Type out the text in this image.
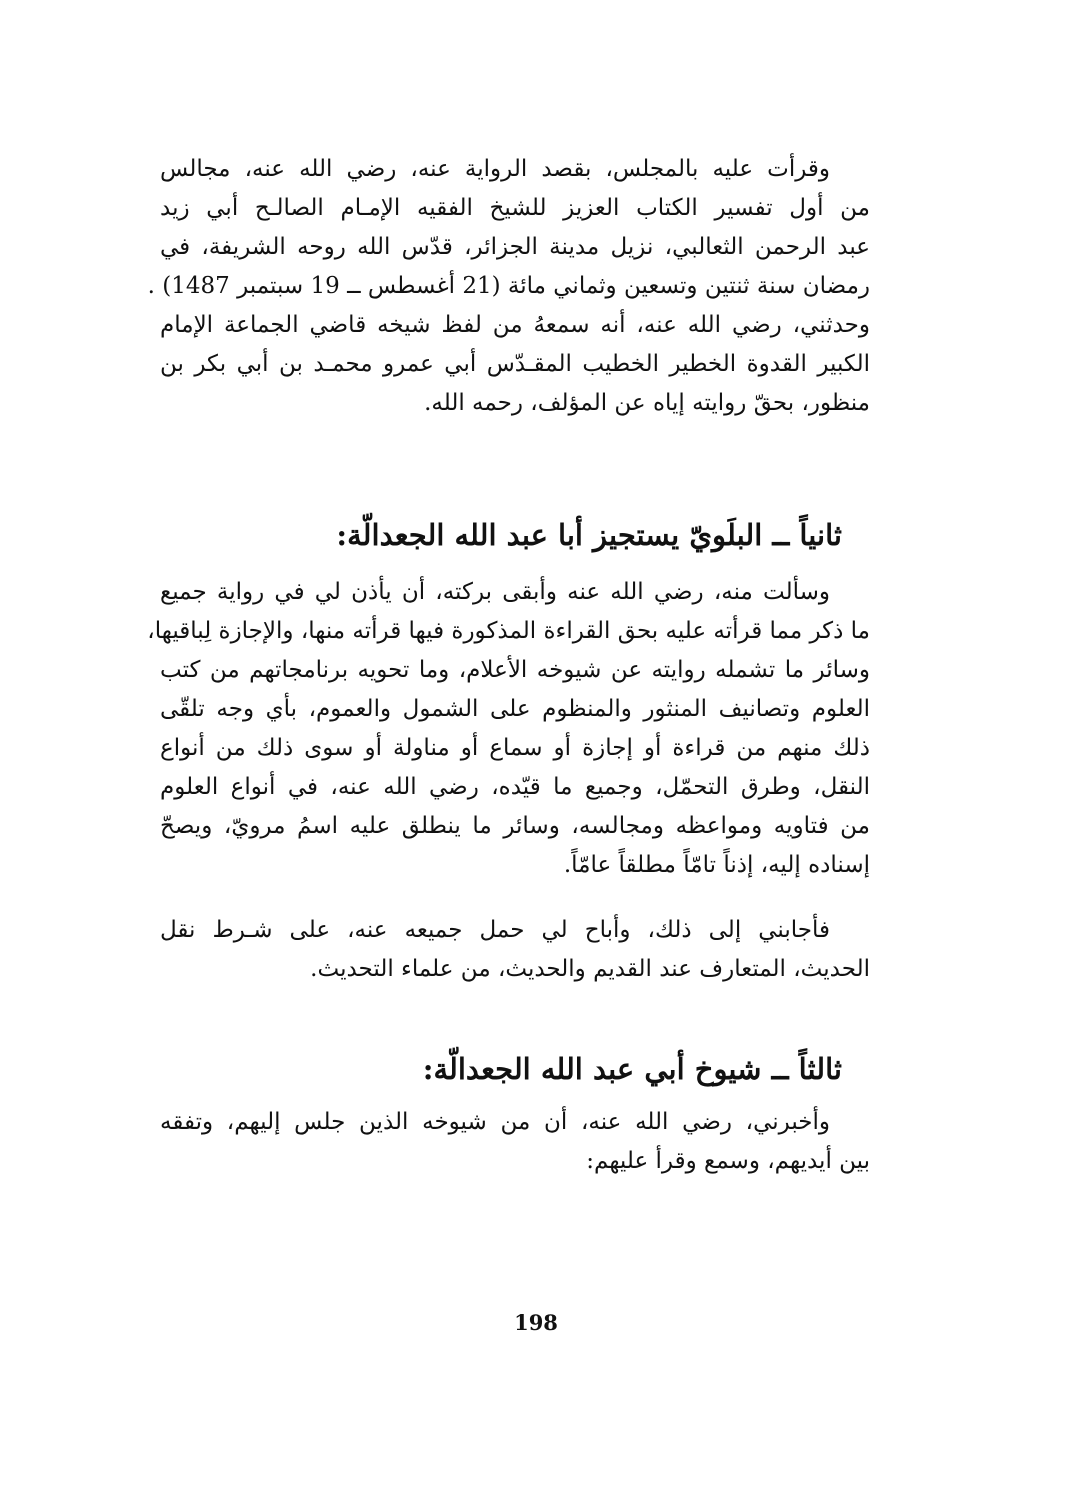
وقرأت عليه بالمجلس، بقصد الرواية عنه، رضي الله عنه، مجالس
من أول تفسير الكتاب العزيز للشيخ الفقيه الإمـام الصالـح أبي زيد
عبد الرحمن الثعالبي، نزيل مدينة الجزائر، قدّس الله روحه الشريفة، في
رمضان سنة ثنتين وتسعين وثماني مائة (21 أغسطس ــ 19 سبتمبر 1487) .
وحدثني، رضي الله عنه، أنه سمعهُ من لفظ شيخه قاضي الجماعة الإمام
الكبير القدوة الخطير الخطيب المقـدّس أبي عمرو محمـد بن أبي بكر بن
منظور، بحقّ روايته إياه عن المؤلف، رحمه الله.
ثانياً ــ البلَويّ يستجيز أبا عبد الله الجعدالّة:
وسألت منه، رضي الله عنه وأبقى بركته، أن يأذن لي في رواية جميع
ما ذكر مما قرأته عليه بحق القراءة المذكورة فيها قرأته منها، والإجازة لِباقيها،
وسائر ما تشمله روايته عن شيوخه الأعلام، وما تحويه برنامجاتهم من كتب
العلوم وتصانيف المنثور والمنظوم على الشمول والعموم، بأي وجه تلقّى
ذلك منهم من قراءة أو إجازة أو سماع أو مناولة أو سوى ذلك من أنواع
النقل، وطرق التحمّل، وجميع ما قيّده، رضي الله عنه، في أنواع العلوم
من فتاويه ومواعظه ومجالسه، وسائر ما ينطلق عليه اسمُ مرويّ، ويصحّ
إسناده إليه، إذناً تامّاً مطلقاً عامّاً.
فأجابني إلى ذلك، وأباح لي حمل جميعه عنه، على شـرط نقل
الحديث، المتعارف عند القديم والحديث، من علماء التحديث.
ثالثاً ــ شيوخ أبي عبد الله الجعدالّة:
وأخبرني، رضي الله عنه، أن من شيوخه الذين جلس إليهم، وتفقه
بين أيديهم، وسمع وقرأ عليهم:
198
